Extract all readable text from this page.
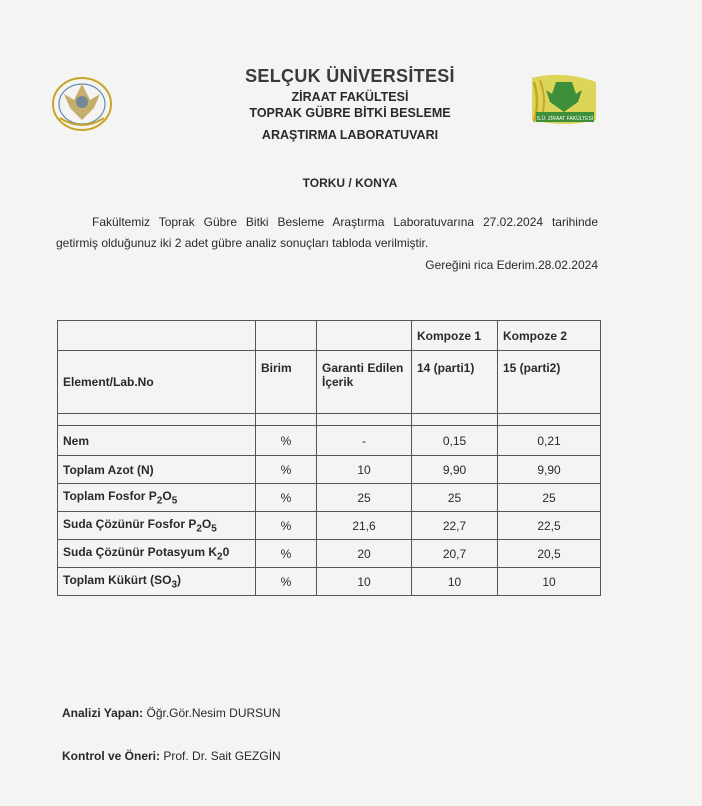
S.Ü. ZİRAAT FAKÜLTESİ
SELÇUK ÜNİVERSİTESİ
ZİRAAT FAKÜLTESİ
TOPRAK GÜBRE BİTKİ BESLEME
ARAŞTIRMA LABORATUVARI
TORKU / KONYA
Fakültemiz Toprak Gübre Bitki Besleme Araştırma Laboratuvarına 27.02.2024 tarihinde getirmiş olduğunuz iki 2 adet gübre analiz sonuçları tabloda verilmiştir.
Gereğini rica Ederim.28.02.2024
			Kompoze 1	Kompoze 2
Element/Lab.No	Birim	Garanti Edilen İçerik	14 (parti1)	15 (parti2)

Nem	%	-	0,15	0,21
Toplam Azot (N)	%	10	9,90	9,90
Toplam Fosfor $P_2O_5$	%	25	25	25
Suda Çözünür Fosfor $P_2O_5$	%	21,6	22,7	22,5
Suda Çözünür Potasyum $K_20$	%	20	20,7	20,5
Toplam Kükürt $(SO_3)$	%	10	10	10
Analizi Yapan: Öğr.Gör.Nesim DURSUN
Kontrol ve Öneri: Prof. Dr. Sait GEZGİN
